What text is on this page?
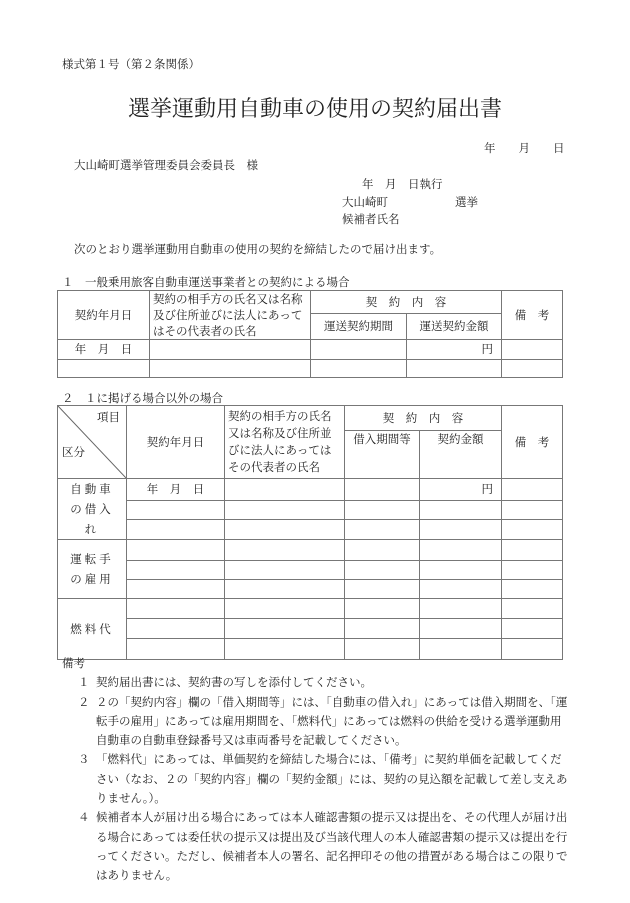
様式第１号（第２条関係）
選挙運動用自動車の使用の契約届出書
年　　月　　日
大山崎町選挙管理委員会委員長　様
年　月　日執行
大山崎町	選挙
候補者氏名
次のとおり選挙運動用自動車の使用の契約を締結したので届け出ます。
１　一般乗用旅客自動車運送事業者との契約による場合
契約年月日	契約の相手方の氏名又は名称及び住所並びに法人にあってはその代表者の氏名	契　約　内　容		備　考
		運送契約期間	運送契約金額	
年　月　日			円	

２　１に掲げる場合以外の場合
項目
区分	契約年月日	契約の相手方の氏名又は名称及び住所並びに法人にあってはその代表者の氏名	契　約　内　容		備　考
			借入期間等	契約金額	
自動車の借入れ	年　月　日			円	

運転手の雇用					

燃料代					

備考
１ 契約届出書には、契約書の写しを添付してください。
２ ２の「契約内容」欄の「借入期間等」には、「自動車の借入れ」にあっては借入期間を、「運転手の雇用」にあっては雇用期間を、「燃料代」にあっては燃料の供給を受ける選挙運動用自動車の自動車登録番号又は車両番号を記載してください。
３ 「燃料代」にあっては、単価契約を締結した場合には、「備考」に契約単価を記載してください（なお、２の「契約内容」欄の「契約金額」には、契約の見込額を記載して差し支えありません。）。
４ 候補者本人が届け出る場合にあっては本人確認書類の提示又は提出を、その代理人が届け出る場合にあっては委任状の提示又は提出及び当該代理人の本人確認書類の提示又は提出を行ってください。ただし、候補者本人の署名、記名押印その他の措置がある場合はこの限りではありません。
